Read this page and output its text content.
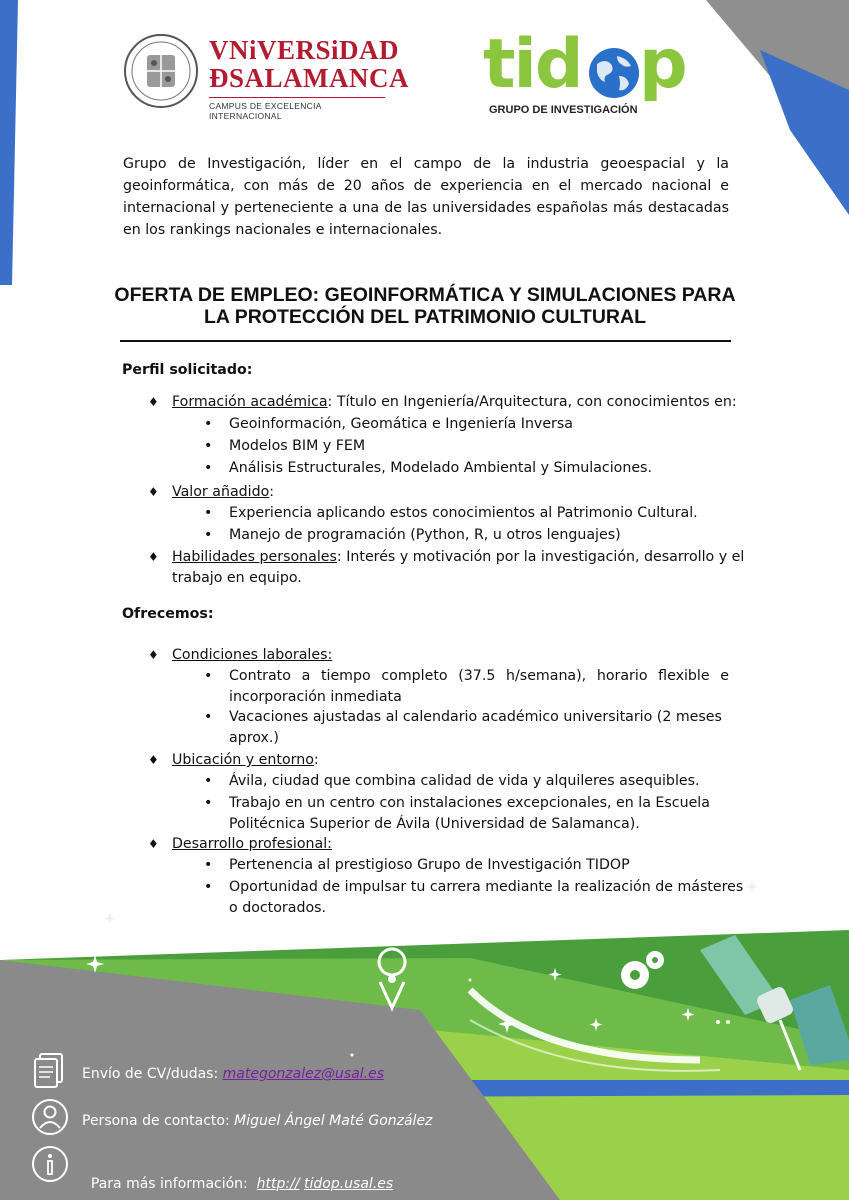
VNiVERSiDAD
ÐSALAMANCA
CAMPUS DE EXCELENCIA INTERNACIONAL
tid p
GRUPO DE INVESTIGACIÓN
Grupo de Investigación, líder en el campo de la industria geoespacial y la geoinformática, con más de 20 años de experiencia en el mercado nacional e internacional y perteneciente a una de las universidades españolas más destacadas en los rankings nacionales e internacionales.
OFERTA DE EMPLEO: GEOINFORMÁTICA Y SIMULACIONES PARA
LA PROTECCIÓN DEL PATRIMONIO CULTURAL
Perfil solicitado:
♦ Formación académica: Título en Ingeniería/Arquitectura, con conocimientos en:
• Geoinformación, Geomática e Ingeniería Inversa
• Modelos BIM y FEM
• Análisis Estructurales, Modelado Ambiental y Simulaciones.
♦ Valor añadido:
• Experiencia aplicando estos conocimientos al Patrimonio Cultural.
• Manejo de programación (Python, R, u otros lenguajes)
♦ Habilidades personales: Interés y motivación por la investigación, desarrollo y el
trabajo en equipo.
Ofrecemos:
♦ Condiciones laborales:
• Contrato a tiempo completo (37.5 h/semana), horario flexible e
incorporación inmediata
• Vacaciones ajustadas al calendario académico universitario (2 meses
aprox.)
♦ Ubicación y entorno:
• Ávila, ciudad que combina calidad de vida y alquileres asequibles.
• Trabajo en un centro con instalaciones excepcionales, en la Escuela
Politécnica Superior de Ávila (Universidad de Salamanca).
♦ Desarrollo profesional:
• Pertenencia al prestigioso Grupo de Investigación TIDOP
• Oportunidad de impulsar tu carrera mediante la realización de másteres
o doctorados.
Envío de CV/dudas: mategonzalez@usal.es
Persona de contacto: Miguel Ángel Maté González

Para más información:  http:// tidop.usal.es
